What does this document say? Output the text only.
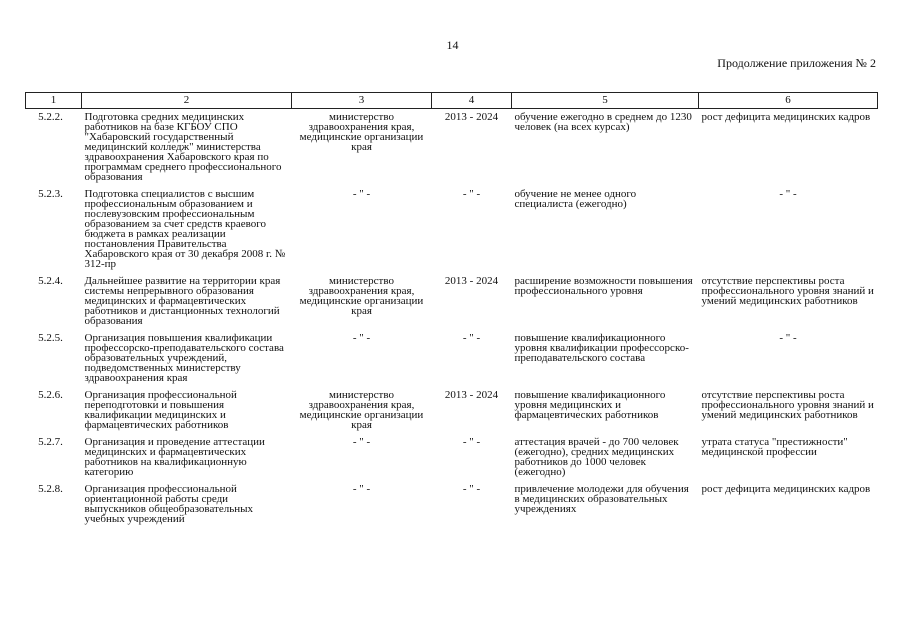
14
Продолжение приложения № 2
1	2	3	4	5	6
5.2.2.	Подготовка средних медицинских работников на базе КГБОУ СПО "Хабаровский государственный медицинский колледж" министерства здравоохранения Хабаровского края по программам среднего профессионального образования	министерство здравоохранения края, медицинские организации края	2013 - 2024	обучение ежегодно в среднем до 1230 человек (на всех курсах)	рост дефицита медицинских кадров
5.2.3.	Подготовка специалистов с высшим профессиональным образованием и послевузовским профессиональным образованием за счет средств краевого бюджета в рамках реализации постановления Правительства Хабаровского края от 30 декабря 2008 г. № 312-пр	- " -	- " -	обучение не менее одного специалиста (ежегодно)	- " -
5.2.4.	Дальнейшее развитие на территории края системы непрерывного образования медицинских и фармацевтических работников и дистанционных технологий образования	министерство здравоохранения края, медицинские организации края	2013 - 2024	расширение возможности повышения профессионального уровня	отсутствие перспективы роста профессионального уровня знаний и умений медицинских работников
5.2.5.	Организация повышения квалификации профессорско-преподавательского состава образовательных учреждений, подведомственных министерству здравоохранения края	- " -	- " -	повышение квалификационного уровня квалификации профессорско-преподавательского состава	- " -
5.2.6.	Организация профессиональной переподготовки и повышения квалификации медицинских и фармацевтических работников	министерство здравоохранения края, медицинские организации края	2013 - 2024	повышение квалификационного уровня медицинских и фармацевтических работников	отсутствие перспективы роста профессионального уровня знаний и умений медицинских работников
5.2.7.	Организация и проведение аттестации медицинских и фармацевтических работников на квалификационную категорию	- " -	- " -	аттестация врачей - до 700 человек (ежегодно), средних медицинских работников до 1000 человек (ежегодно)	утрата статуса "престижности" медицинской профессии
5.2.8.	Организация профессиональной ориентационной работы среди выпускников общеобразовательных учебных учреждений	- " -	- " -	привлечение молодежи для обучения в медицинских образовательных учреждениях	рост дефицита медицинских кадров
